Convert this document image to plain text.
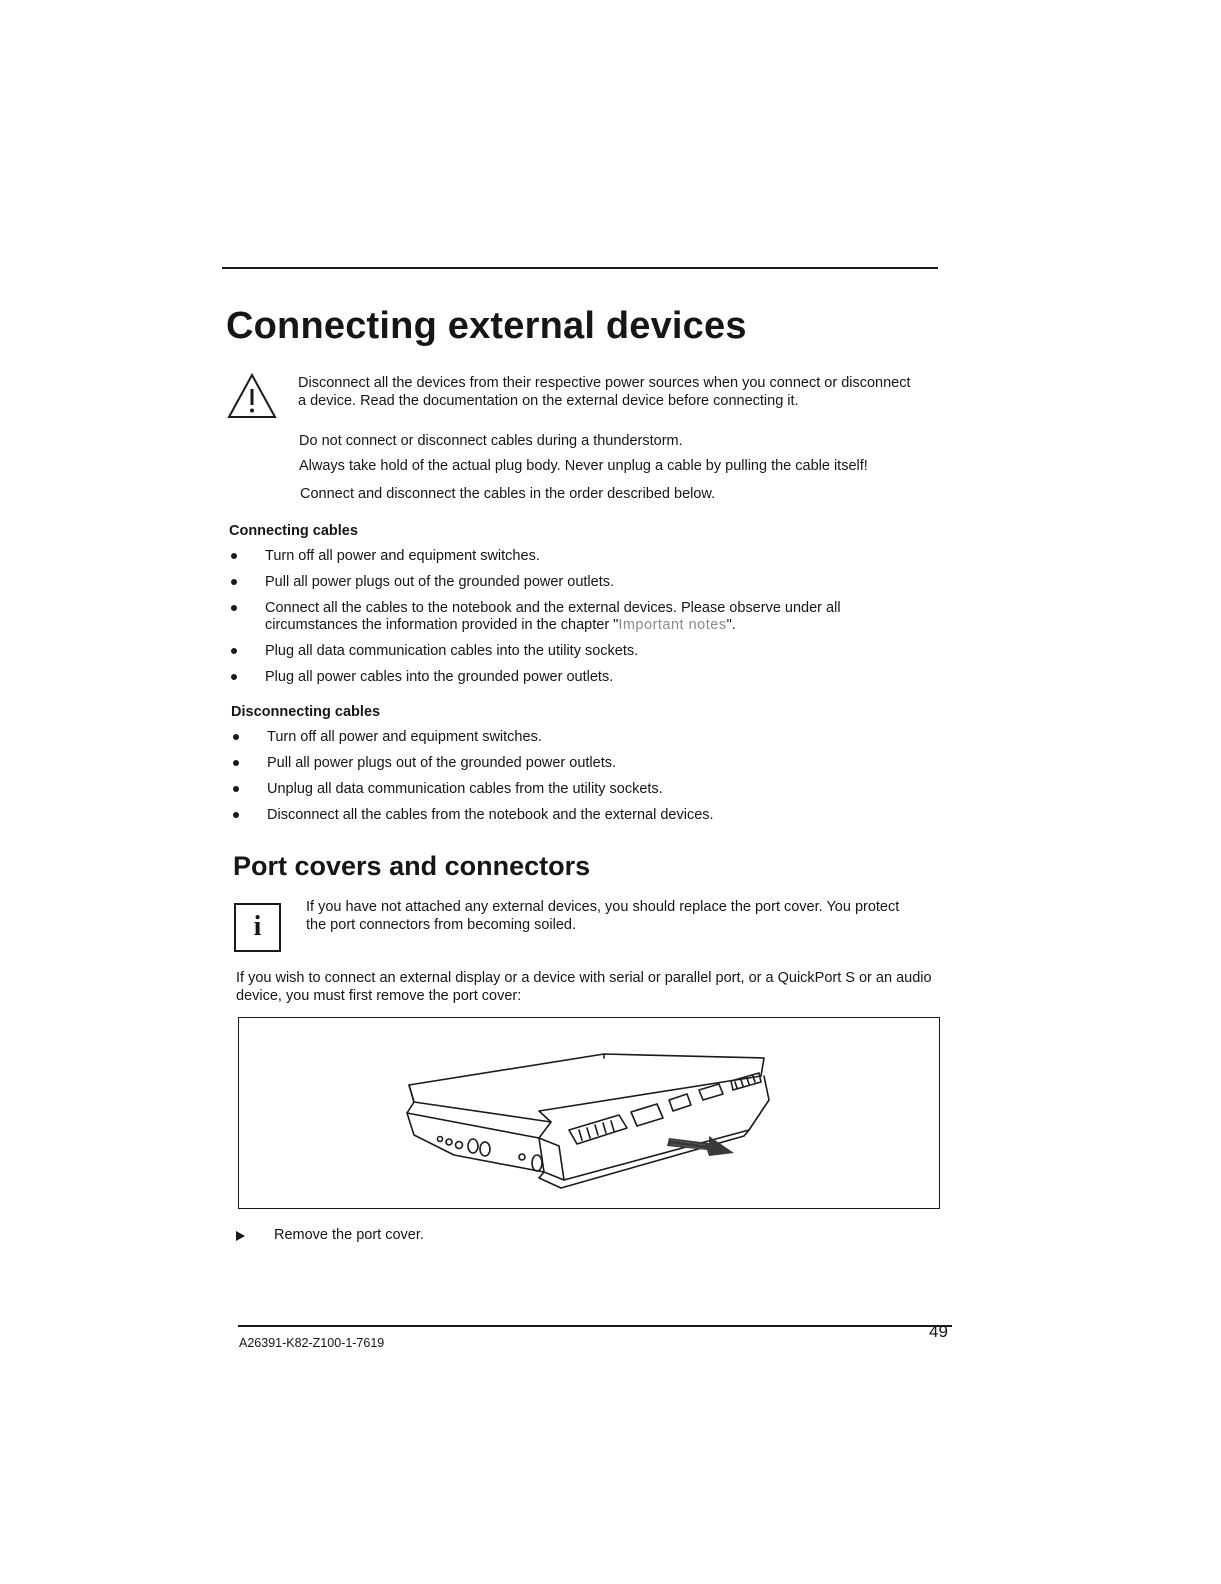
Connecting external devices
Disconnect all the devices from their respective power sources when you connect or disconnect a device. Read the documentation on the external device before connecting it.
Do not connect or disconnect cables during a thunderstorm.
Always take hold of the actual plug body. Never unplug a cable by pulling the cable itself!
Connect and disconnect the cables in the order described below.
Connecting cables
Turn off all power and equipment switches.
Pull all power plugs out of the grounded power outlets.
Connect all the cables to the notebook and the external devices. Please observe under all circumstances the information provided in the chapter "Important notes".
Plug all data communication cables into the utility sockets.
Plug all power cables into the grounded power outlets.
Disconnecting cables
Turn off all power and equipment switches.
Pull all power plugs out of the grounded power outlets.
Unplug all data communication cables from the utility sockets.
Disconnect all the cables from the notebook and the external devices.
Port covers and connectors
i
If you have not attached any external devices, you should replace the port cover. You protect the port connectors from becoming soiled.
If you wish to connect an external display or a device with serial or parallel port, or a QuickPort S or an audio device, you must first remove the port cover:
Remove the port cover.
A26391-K82-Z100-1-7619
49
